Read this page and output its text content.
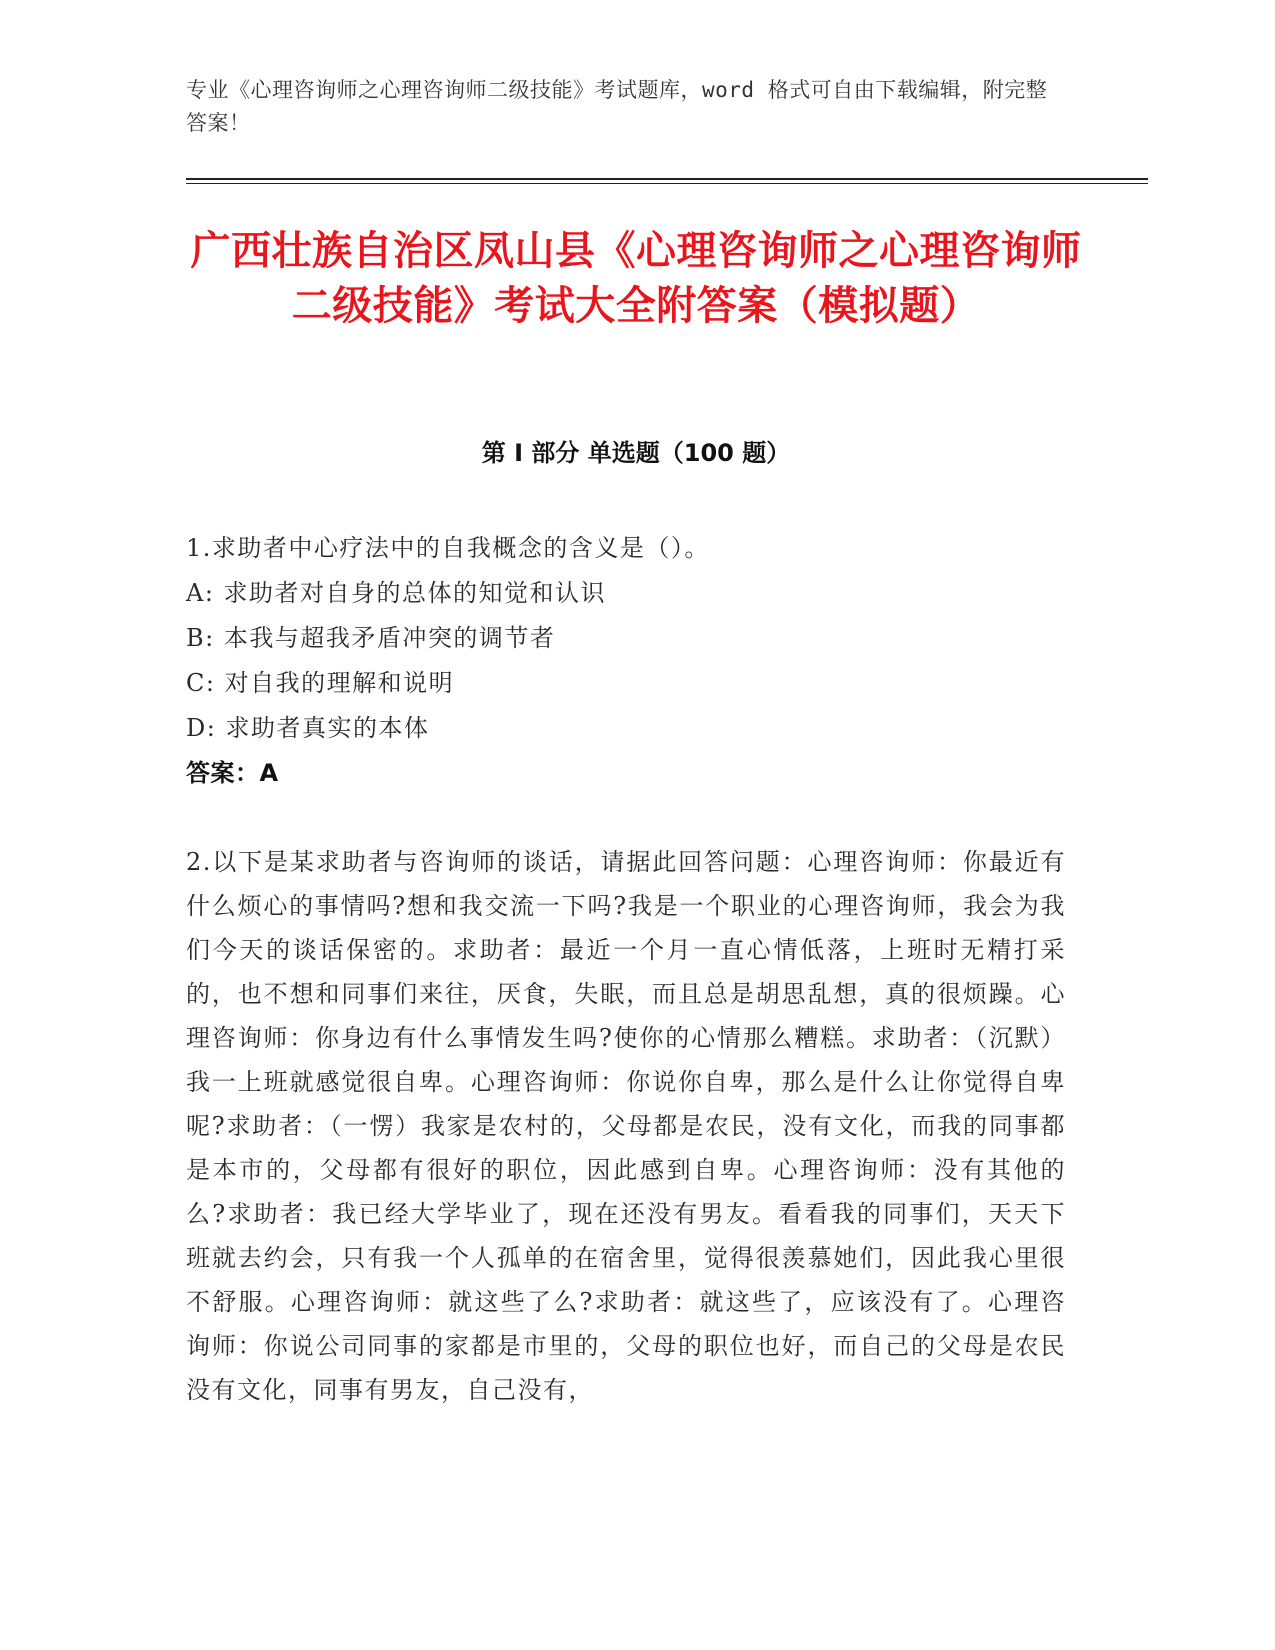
专业《心理咨询师之心理咨询师二级技能》考试题库，word 格式可自由下载编辑，附完整答案！
广西壮族自治区凤山县《心理咨询师之心理咨询师二级技能》考试大全附答案（模拟题）
第 I 部分 单选题（100 题）
1.求助者中心疗法中的自我概念的含义是（）。
A: 求助者对自身的总体的知觉和认识
B: 本我与超我矛盾冲突的调节者
C: 对自我的理解和说明
D: 求助者真实的本体
答案：A
2.以下是某求助者与咨询师的谈话，请据此回答问题：心理咨询师：你最近有什么烦心的事情吗?想和我交流一下吗?我是一个职业的心理咨询师，我会为我们今天的谈话保密的。求助者：最近一个月一直心情低落，上班时无精打采的，也不想和同事们来往，厌食，失眠，而且总是胡思乱想，真的很烦躁。心理咨询师：你身边有什么事情发生吗?使你的心情那么糟糕。求助者：（沉默）我一上班就感觉很自卑。心理咨询师：你说你自卑，那么是什么让你觉得自卑呢?求助者：（一愣）我家是农村的，父母都是农民，没有文化，而我的同事都是本市的，父母都有很好的职位，因此感到自卑。心理咨询师：没有其他的么?求助者：我已经大学毕业了，现在还没有男友。看看我的同事们，天天下班就去约会，只有我一个人孤单的在宿舍里，觉得很羡慕她们，因此我心里很不舒服。心理咨询师：就这些了么?求助者：就这些了，应该没有了。心理咨询师：你说公司同事的家都是市里的，父母的职位也好，而自己的父母是农民没有文化，同事有男友，自己没有，
